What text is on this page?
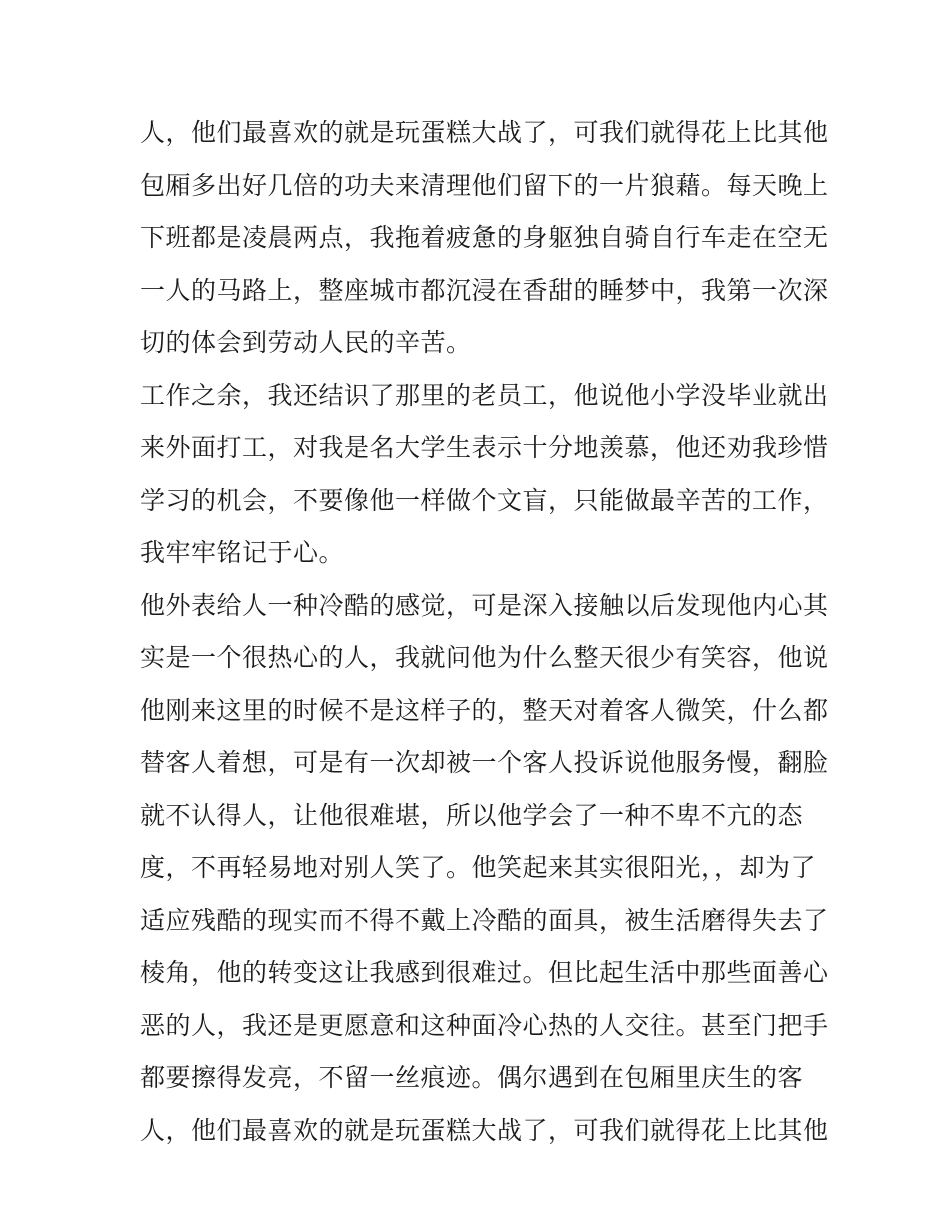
人，他们最喜欢的就是玩蛋糕大战了，可我们就得花上比其他
包厢多出好几倍的功夫来清理他们留下的一片狼藉。每天晚上
下班都是凌晨两点，我拖着疲惫的身躯独自骑自行车走在空无
一人的马路上，整座城市都沉浸在香甜的睡梦中，我第一次深
切的体会到劳动人民的辛苦。
工作之余，我还结识了那里的老员工，他说他小学没毕业就出
来外面打工，对我是名大学生表示十分地羡慕，他还劝我珍惜
学习的机会，不要像他一样做个文盲，只能做最辛苦的工作，
我牢牢铭记于心。
他外表给人一种冷酷的感觉，可是深入接触以后发现他内心其
实是一个很热心的人，我就问他为什么整天很少有笑容，他说
他刚来这里的时候不是这样子的，整天对着客人微笑，什么都
替客人着想，可是有一次却被一个客人投诉说他服务慢，翻脸
就不认得人，让他很难堪，所以他学会了一种不卑不亢的态
度，不再轻易地对别人笑了。他笑起来其实很阳光，，却为了
适应残酷的现实而不得不戴上冷酷的面具，被生活磨得失去了
棱角，他的转变这让我感到很难过。但比起生活中那些面善心
恶的人，我还是更愿意和这种面冷心热的人交往。甚至门把手
都要擦得发亮，不留一丝痕迹。偶尔遇到在包厢里庆生的客
人，他们最喜欢的就是玩蛋糕大战了，可我们就得花上比其他
